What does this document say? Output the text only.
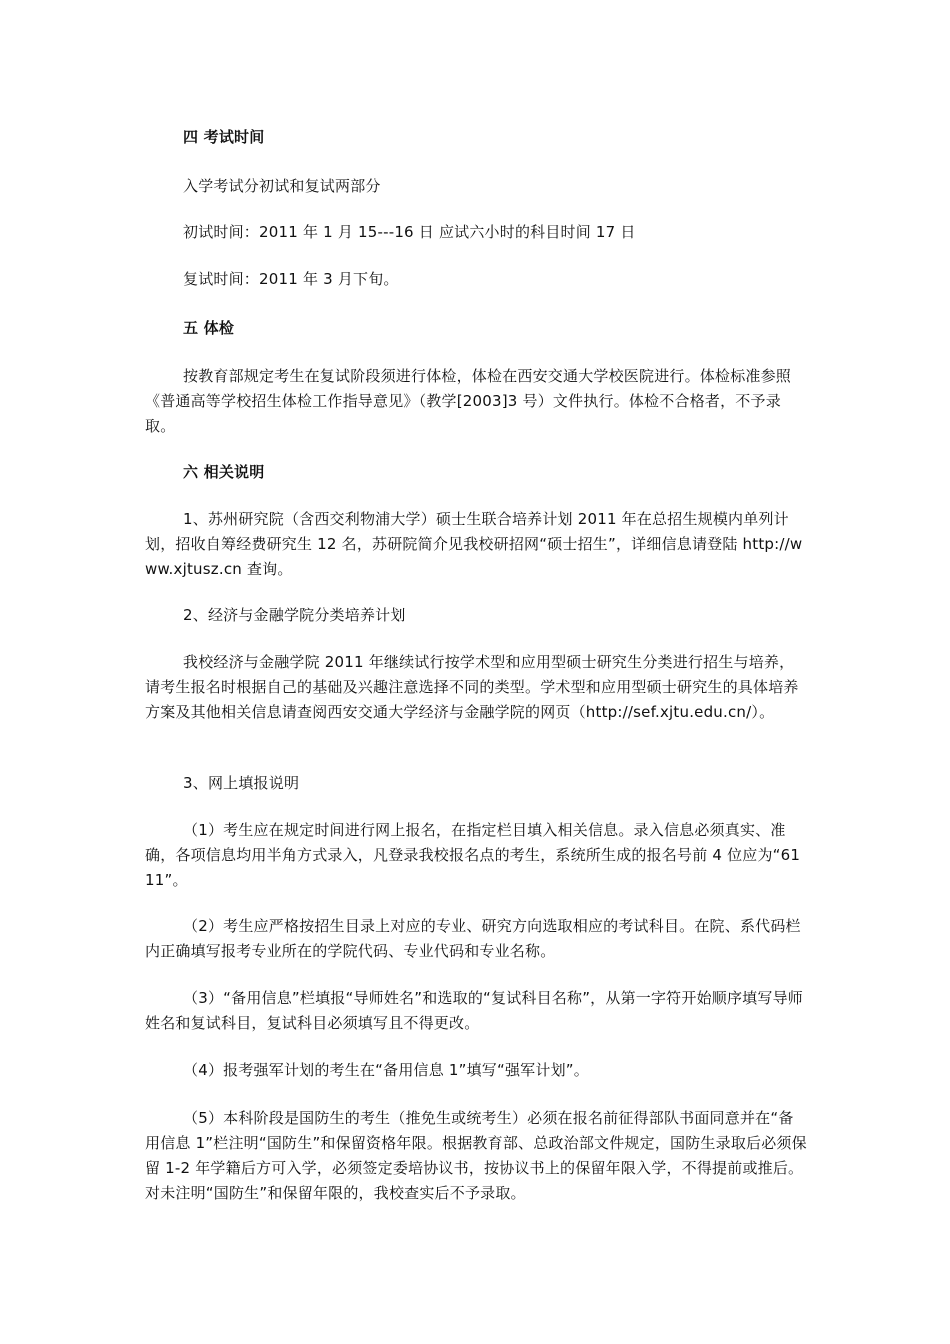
四 考试时间
入学考试分初试和复试两部分
初试时间：2011 年 1 月 15---16 日 应试六小时的科目时间 17 日
复试时间：2011 年 3 月下旬。
五 体检
按教育部规定考生在复试阶段须进行体检，体检在西安交通大学校医院进行。体检标准参照《普通高等学校招生体检工作指导意见》（教学[2003]3 号）文件执行。体检不合格者，不予录取。
六 相关说明
1、苏州研究院（含西交利物浦大学）硕士生联合培养计划 2011 年在总招生规模内单列计划，招收自筹经费研究生 12 名，苏研院简介见我校研招网“硕士招生”，详细信息请登陆 http://www.xjtusz.cn 查询。
2、经济与金融学院分类培养计划
我校经济与金融学院 2011 年继续试行按学术型和应用型硕士研究生分类进行招生与培养，请考生报名时根据自己的基础及兴趣注意选择不同的类型。学术型和应用型硕士研究生的具体培养方案及其他相关信息请查阅西安交通大学经济与金融学院的网页（http://sef.xjtu.edu.cn/）。
3、网上填报说明
（1）考生应在规定时间进行网上报名，在指定栏目填入相关信息。录入信息必须真实、准确，各项信息均用半角方式录入，凡登录我校报名点的考生，系统所生成的报名号前 4 位应为“6111”。
（2）考生应严格按招生目录上对应的专业、研究方向选取相应的考试科目。在院、系代码栏内正确填写报考专业所在的学院代码、专业代码和专业名称。
（3）“备用信息”栏填报“导师姓名”和选取的“复试科目名称”，从第一字符开始顺序填写导师姓名和复试科目，复试科目必须填写且不得更改。
（4）报考强军计划的考生在“备用信息 1”填写“强军计划”。
（5）本科阶段是国防生的考生（推免生或统考生）必须在报名前征得部队书面同意并在“备用信息 1”栏注明“国防生”和保留资格年限。根据教育部、总政治部文件规定，国防生录取后必须保留 1-2 年学籍后方可入学，必须签定委培协议书，按协议书上的保留年限入学，不得提前或推后。对未注明“国防生”和保留年限的，我校查实后不予录取。
